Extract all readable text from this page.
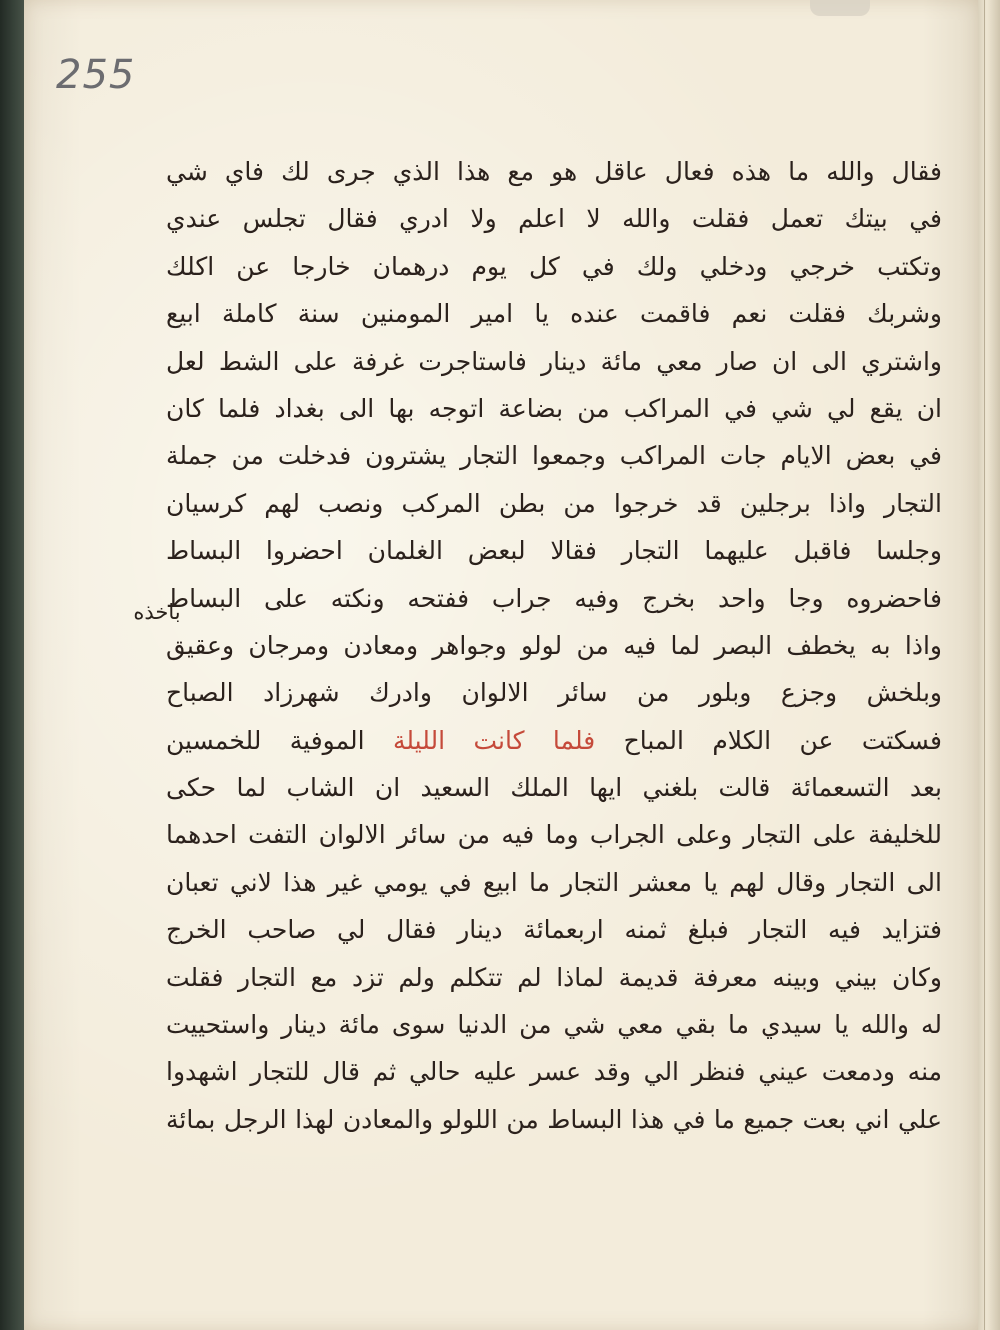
255
باخذه
فقال والله ما هذه فعال عاقل هو مع هذا الذي جرى لك فاي شي
في بيتك تعمل فقلت والله لا اعلم ولا ادري فقال تجلس عندي
وتكتب خرجي ودخلي ولك في كل يوم درهمان خارجا عن اكلك
وشربك فقلت نعم فاقمت عنده يا امير المومنين سنة كاملة ابيع
واشتري الى ان صار معي مائة دينار فاستاجرت غرفة على الشط لعل
ان يقع لي شي في المراكب من بضاعة اتوجه بها الى بغداد فلما كان
في بعض الايام جات المراكب وجمعوا التجار يشترون فدخلت من جملة
التجار واذا برجلين قد خرجوا من بطن المركب ونصب لهم كرسيان
وجلسا فاقبل عليهما التجار فقالا لبعض الغلمان احضروا البساط
فاحضروه وجا واحد بخرج وفيه جراب ففتحه ونكته على البساط
واذا به يخطف البصر لما فيه من لولو وجواهر ومعادن ومرجان وعقيق
وبلخش وجزع وبلور من سائر الالوان وادرك شهرزاد الصباح
فسكتت عن الكلام المباح فلما كانت الليلة الموفية للخمسين
بعد التسعمائة قالت بلغني ايها الملك السعيد ان الشاب لما حكى
للخليفة على التجار وعلى الجراب وما فيه من سائر الالوان التفت احدهما
الى التجار وقال لهم يا معشر التجار ما ابيع في يومي غير هذا لاني تعبان
فتزايد فيه التجار فبلغ ثمنه اربعمائة دينار فقال لي صاحب الخرج
وكان بيني وبينه معرفة قديمة لماذا لم تتكلم ولم تزد مع التجار فقلت
له والله يا سيدي ما بقي معي شي من الدنيا سوى مائة دينار واستحييت
منه ودمعت عيني فنظر الي وقد عسر عليه حالي ثم قال للتجار اشهدوا
علي اني بعت جميع ما في هذا البساط من اللولو والمعادن لهذا الرجل بمائة
